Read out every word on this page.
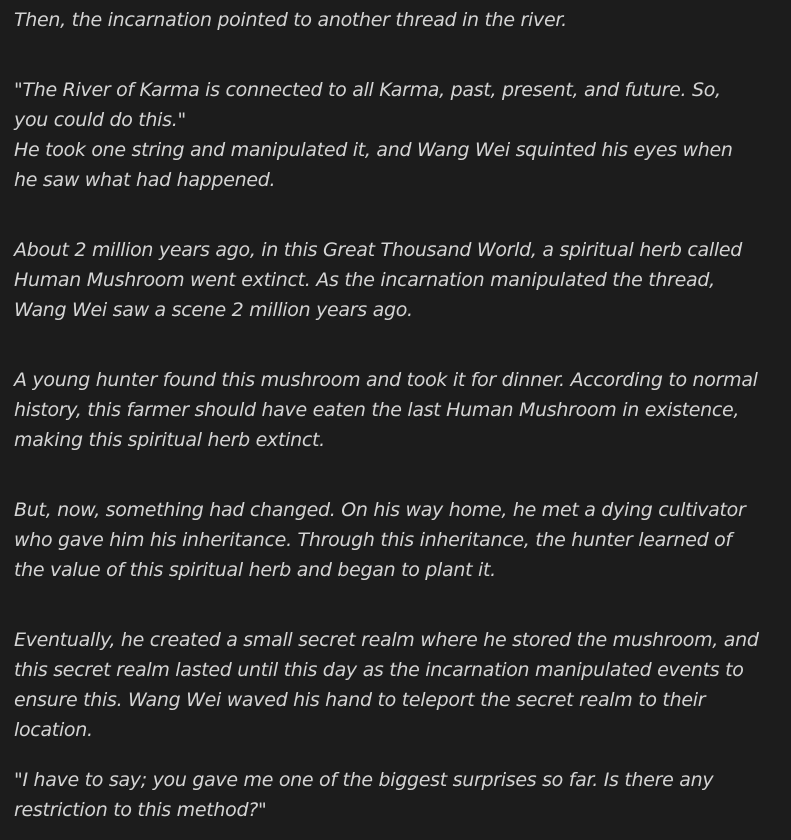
Then, the incarnation pointed to another thread in the river.

"The River of Karma is connected to all Karma, past, present, and future. So, you could do this."

He took one string and manipulated it, and Wang Wei squinted his eyes when he saw what had happened.

About 2 million years ago, in this Great Thousand World, a spiritual herb called Human Mushroom went extinct. As the incarnation manipulated the thread, Wang Wei saw a scene 2 million years ago.

A young hunter found this mushroom and took it for dinner. According to normal history, this farmer should have eaten the last Human Mushroom in existence, making this spiritual herb extinct.

But, now, something had changed. On his way home, he met a dying cultivator who gave him his inheritance. Through this inheritance, the hunter learned of the value of this spiritual herb and began to plant it.

Eventually, he created a small secret realm where he stored the mushroom, and this secret realm lasted until this day as the incarnation manipulated events to ensure this. Wang Wei waved his hand to teleport the secret realm to their location.

"I have to say; you gave me one of the biggest surprises so far. Is there any restriction to this method?"
